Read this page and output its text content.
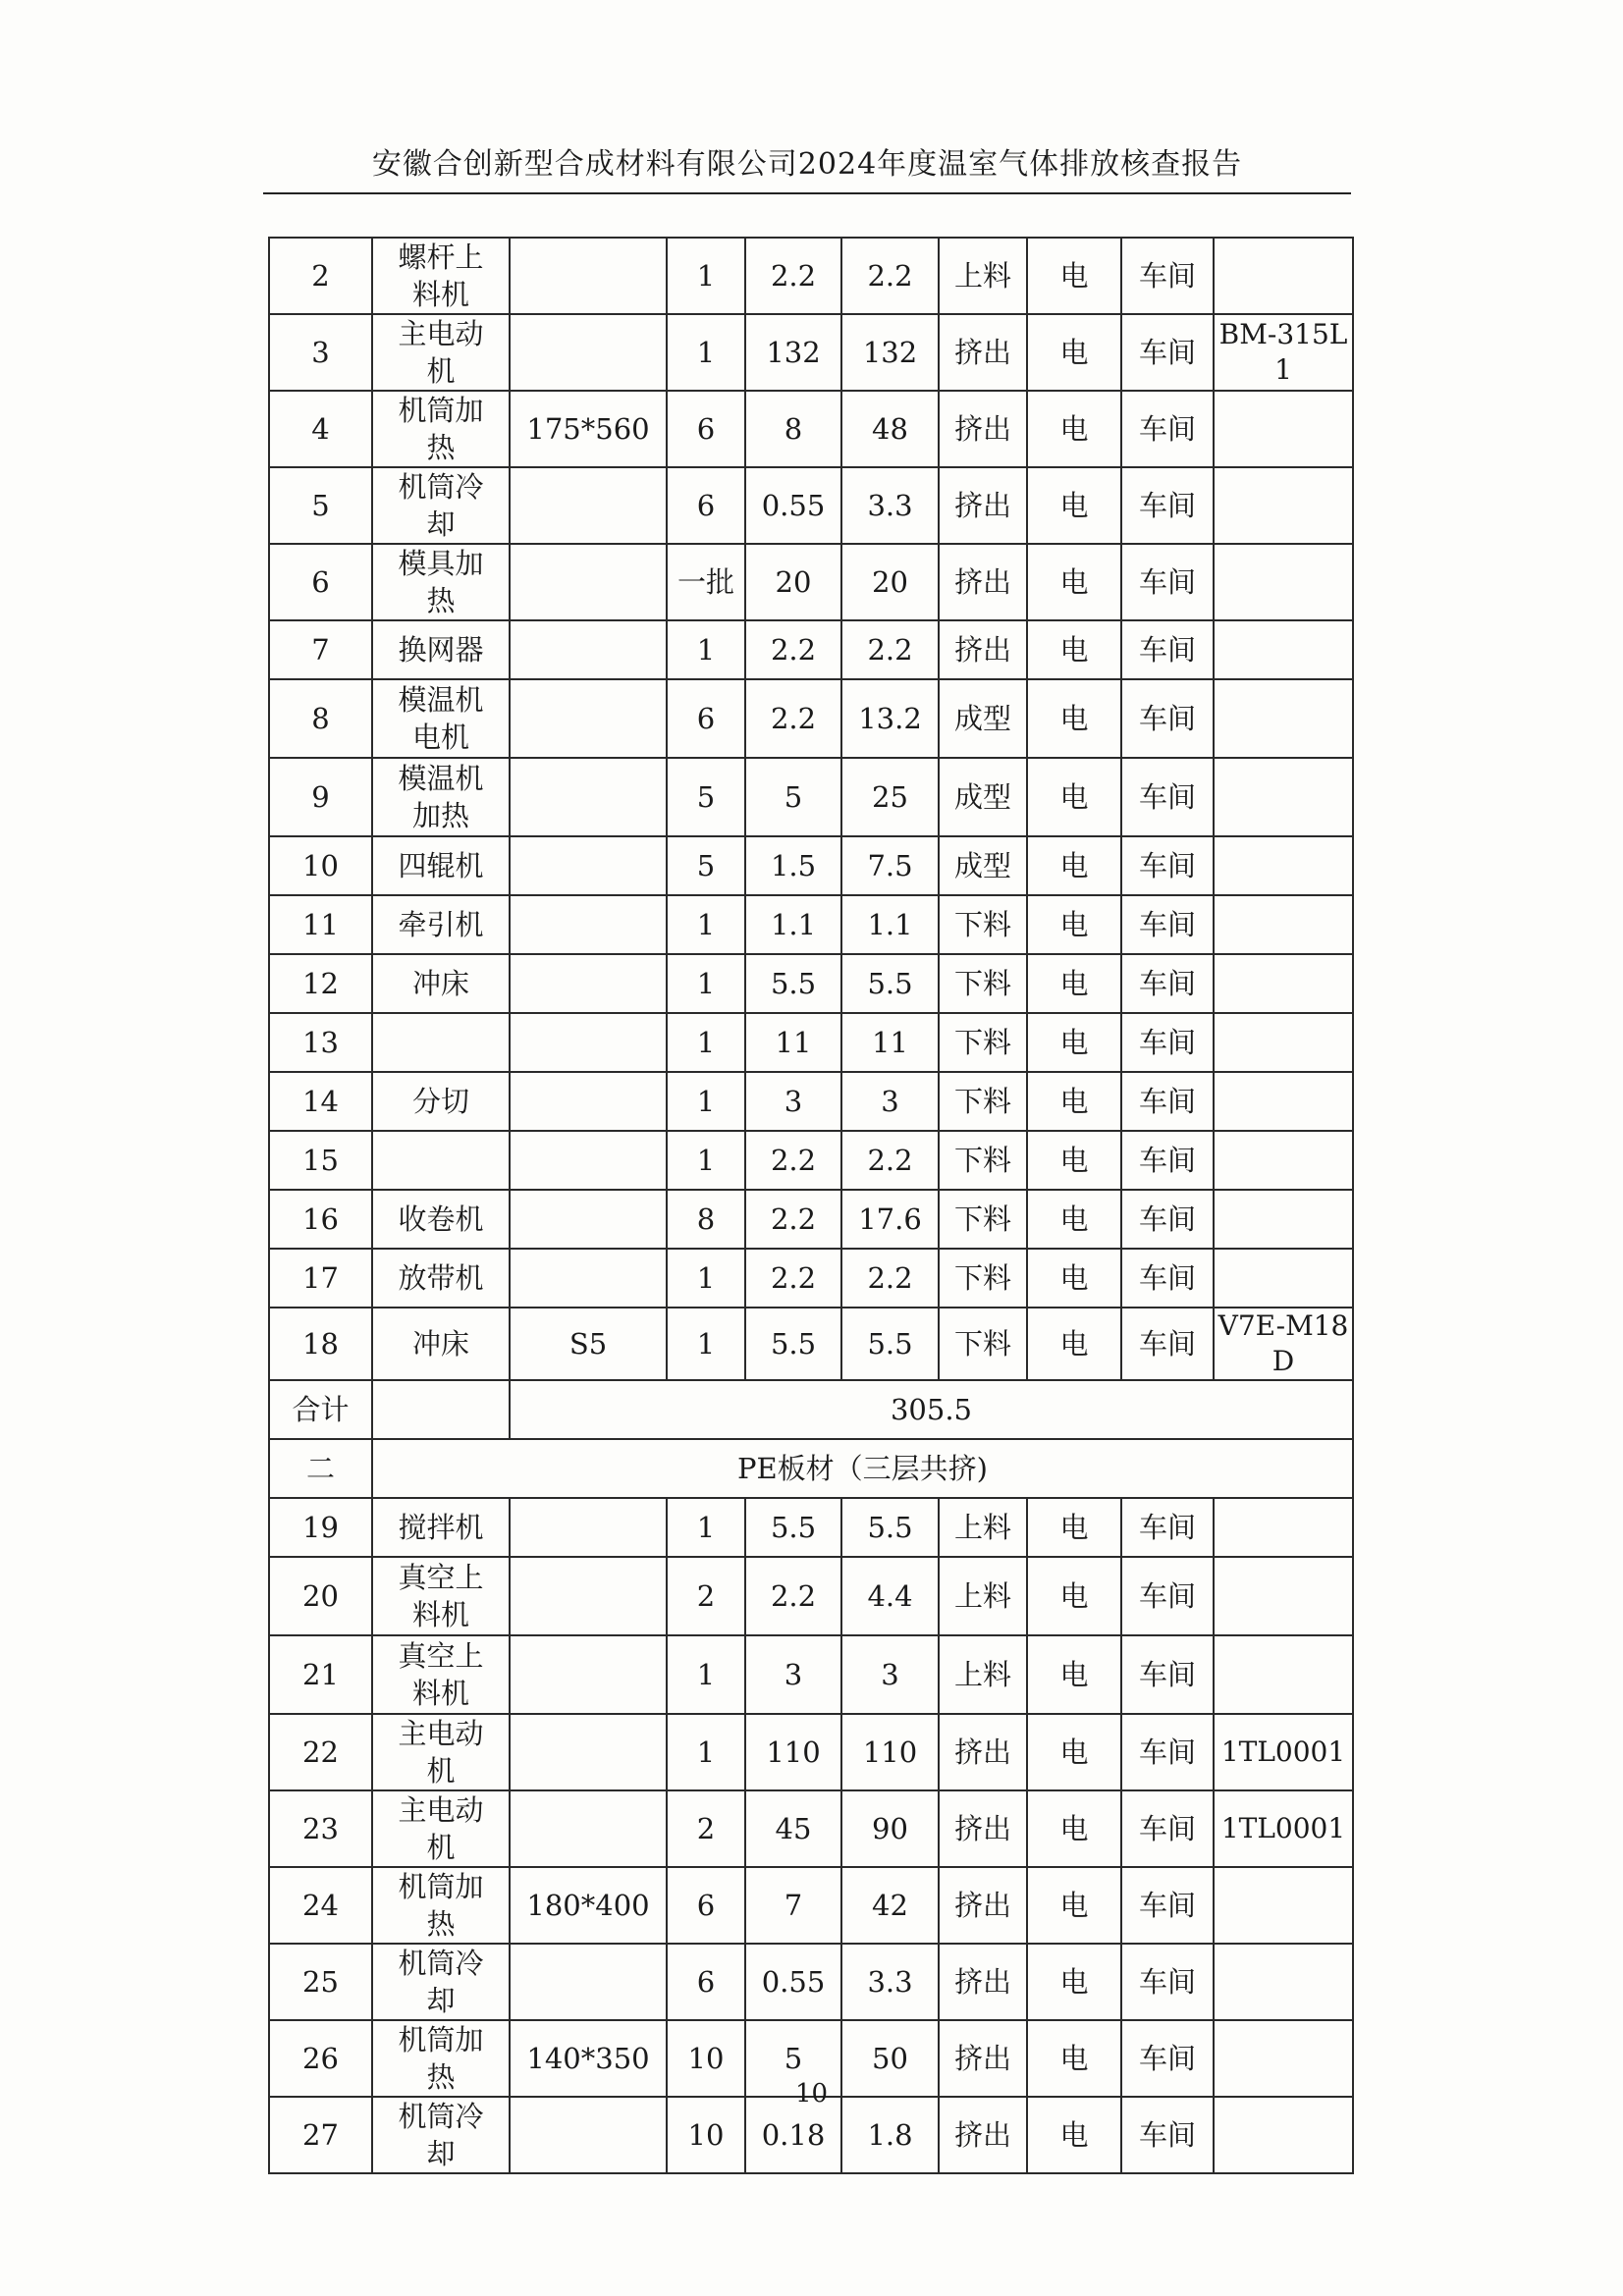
安徽合创新型合成材料有限公司2024年度温室气体排放核查报告
2	螺杆上料机		1	2.2	2.2	上料	电	车间	
3	主电动机		1	132	132	挤出	电	车间	BM-315L1
4	机筒加热	175*560	6	8	48	挤出	电	车间	
5	机筒冷却		6	0.55	3.3	挤出	电	车间	
6	模具加热		一批	20	20	挤出	电	车间	
7	换网器		1	2.2	2.2	挤出	电	车间	
8	模温机电机		6	2.2	13.2	成型	电	车间	
9	模温机加热		5	5	25	成型	电	车间	
10	四辊机		5	1.5	7.5	成型	电	车间	
11	牵引机		1	1.1	1.1	下料	电	车间	
12	冲床		1	5.5	5.5	下料	电	车间	
13			1	11	11	下料	电	车间	
14	分切		1	3	3	下料	电	车间	
15			1	2.2	2.2	下料	电	车间	
16	收卷机		8	2.2	17.6	下料	电	车间	
17	放带机		1	2.2	2.2	下料	电	车间	
18	冲床	S5	1	5.5	5.5	下料	电	车间	V7E-M18D
合计		305.5							
二	PE板材（三层共挤)								
19	搅拌机		1	5.5	5.5	上料	电	车间	
20	真空上料机		2	2.2	4.4	上料	电	车间	
21	真空上料机		1	3	3	上料	电	车间	
22	主电动机		1	110	110	挤出	电	车间	1TL0001
23	主电动机		2	45	90	挤出	电	车间	1TL0001
24	机筒加热	180*400	6	7	42	挤出	电	车间	
25	机筒冷却		6	0.55	3.3	挤出	电	车间	
26	机筒加热	140*350	10	5	50	挤出	电	车间	
27	机筒冷却		10	0.18	1.8	挤出	电	车间	
10
